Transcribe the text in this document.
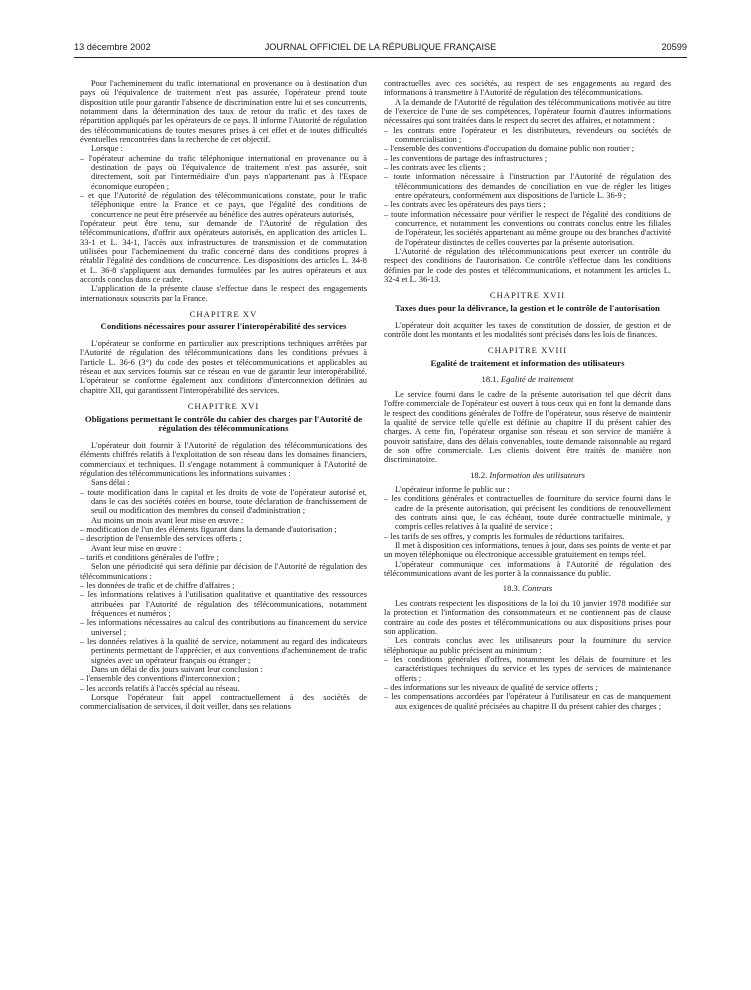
13 décembre 2002	JOURNAL OFFICIEL DE LA RÉPUBLIQUE FRANÇAISE	20599

Pour l'acheminement du trafic international en provenance ou à destination d'un pays où l'équivalence de traitement n'est pas assurée, l'opérateur prend toute disposition utile pour garantir l'absence de discrimination entre lui et ses concurrents, notamment dans la détermination des taux de retour du trafic et des taxes de répartition appliqués par les opérateurs de ce pays. Il informe l'Autorité de régulation des télécommunications de toutes mesures prises à cet effet et de toutes difficultés éventuelles rencontrées dans la recherche de cet objectif.

Lorsque :

– l'opérateur achemine du trafic téléphonique international en provenance ou à destination de pays où l'équivalence de traitement n'est pas assurée, soit directement, soit par l'intermédiaire d'un pays n'appartenant pas à l'Espace économique européen ;

– et que l'Autorité de régulation des télécommunications constate, pour le trafic téléphonique entre la France et ce pays, que l'égalité des conditions de concurrence ne peut être préservée au bénéfice des autres opérateurs autorisés,

l'opérateur peut être tenu, sur demande de l'Autorité de régulation des télécommunications, d'offrir aux opérateurs autorisés, en application des articles L. 33-1 et L. 34-1, l'accès aux infrastructures de transmission et de commutation utilisées pour l'acheminement du trafic concerné dans des conditions propres à rétablir l'égalité des conditions de concurrence. Les dispositions des articles L. 34-8 et L. 36-8 s'appliquent aux demandes formulées par les autres opérateurs et aux accords conclus dans ce cadre.

L'application de la présente clause s'effectue dans le respect des engagements internationaux souscrits par la France.

CHAPITRE XV

Conditions nécessaires pour assurer l'interopérabilité des services

L'opérateur se conforme en particulier aux prescriptions techniques arrêtées par l'Autorité de régulation des télécommunications dans les conditions prévues à l'article L. 36-6 (3°) du code des postes et télécommunications et applicables au réseau et aux services fournis sur ce réseau en vue de garantir leur interopérabilité. L'opérateur se conforme également aux conditions d'interconnexion définies au chapitre XII, qui garantissent l'interopérabilité des services.

CHAPITRE XVI

Obligations permettant le contrôle du cahier des charges par l'Autorité de régulation des télécommunications

L'opérateur doit fournir à l'Autorité de régulation des télécommunications des éléments chiffrés relatifs à l'exploitation de son réseau dans les domaines financiers, commerciaux et techniques. Il s'engage notamment à communiquer à l'Autorité de régulation des télécommunications les informations suivantes :

Sans délai :

– toute modification dans le capital et les droits de vote de l'opérateur autorisé et, dans le cas des sociétés cotées en bourse, toute déclaration de franchissement de seuil ou modification des membres du conseil d'administration ;

Au moins un mois avant leur mise en œuvre :

– modification de l'un des éléments figurant dans la demande d'autorisation ;

– description de l'ensemble des services offerts ;

Avant leur mise en œuvre :

– tarifs et conditions générales de l'offre ;

Selon une périodicité qui sera définie par décision de l'Autorité de régulation des télécommunications :

– les données de trafic et de chiffre d'affaires ;

– les informations relatives à l'utilisation qualitative et quantitative des ressources attribuées par l'Autorité de régulation des télécommunications, notamment fréquences et numéros ;

– les informations nécessaires au calcul des contributions au financement du service universel ;

– les données relatives à la qualité de service, notamment au regard des indicateurs pertinents permettant de l'apprécier, et aux conventions d'acheminement de trafic signées avec un opérateur français ou étranger ;

Dans un délai de dix jours suivant leur conclusion :

– l'ensemble des conventions d'interconnexion ;

– les accords relatifs à l'accès spécial au réseau.

Lorsque l'opérateur fait appel contractuellement à des sociétés de commercialisation de services, il doit veiller, dans ses relations

contractuelles avec ces sociétés, au respect de ses engagements au regard des informations à transmettre à l'Autorité de régulation des télécommunications.

A la demande de l'Autorité de régulation des télécommunications motivée au titre de l'exercice de l'une de ses compétences, l'opérateur fournit d'autres informations nécessaires qui sont traitées dans le respect du secret des affaires, et notamment :

– les contrats entre l'opérateur et les distributeurs, revendeurs ou sociétés de commercialisation ;

– l'ensemble des conventions d'occupation du domaine public non routier ;

– les conventions de partage des infrastructures ;

– les contrats avec les clients ;

– toute information nécessaire à l'instruction par l'Autorité de régulation des télécommunications des demandes de conciliation en vue de régler les litiges entre opérateurs, conformément aux dispositions de l'article L. 36-9 ;

– les contrats avec les opérateurs des pays tiers ;

– toute information nécessaire pour vérifier le respect de l'égalité des conditions de concurrence, et notamment les conventions ou contrats conclus entre les filiales de l'opérateur, les sociétés appartenant au même groupe ou des branches d'activité de l'opérateur distinctes de celles couvertes par la présente autorisation.

L'Autorité de régulation des télécommunications peut exercer un contrôle du respect des conditions de l'autorisation. Ce contrôle s'effectue dans les conditions définies par le code des postes et télécommunications, et notamment les articles L. 32-4 et L. 36-13.

CHAPITRE XVII

Taxes dues pour la délivrance, la gestion et le contrôle de l'autorisation

L'opérateur doit acquitter les taxes de constitution de dossier, de gestion et de contrôle dont les montants et les modalités sont précisés dans les lois de finances.

CHAPITRE XVIII

Egalité de traitement et information des utilisateurs

18.1. Egalité de traitement

Le service fourni dans le cadre de la présente autorisation tel que décrit dans l'offre commerciale de l'opérateur est ouvert à tous ceux qui en font la demande dans le respect des conditions générales de l'offre de l'opérateur, sous réserve de maintenir la qualité de service telle qu'elle est définie au chapitre II du présent cahier des charges. A cette fin, l'opérateur organise son réseau et son service de manière à pouvoir satisfaire, dans des délais convenables, toute demande raisonnable au regard de son offre commerciale. Les clients doivent être traités de manière non discriminatoire.

18.2. Information des utilisateurs

L'opérateur informe le public sur :

– les conditions générales et contractuelles de fourniture du service fourni dans le cadre de la présente autorisation, qui précisent les conditions de renouvellement des contrats ainsi que, le cas échéant, toute durée contractuelle minimale, y compris celles relatives à la qualité de service ;

– les tarifs de ses offres, y compris les formules de réductions tarifaires.

Il met à disposition ces informations, tenues à jour, dans ses points de vente et par un moyen téléphonique ou électronique accessible gratuitement en temps réel.

L'opérateur communique ces informations à l'Autorité de régulation des télécommunications avant de les porter à la connaissance du public.

18.3. Contrats

Les contrats respectent les dispositions de la loi du 10 janvier 1978 modifiée sur la protection et l'information des consommateurs et ne contiennent pas de clause contraire au code des postes et télécommunications ou aux dispositions prises pour son application.

Les contrats conclus avec les utilisateurs pour la fourniture du service téléphonique au public précisent au minimum :

– les conditions générales d'offres, notamment les délais de fourniture et les caractéristiques techniques du service et les types de services de maintenance offerts ;

– des informations sur les niveaux de qualité de service offerts ;

– les compensations accordées par l'opérateur à l'utilisateur en cas de manquement aux exigences de qualité précisées au chapitre II du présent cahier des charges ;
